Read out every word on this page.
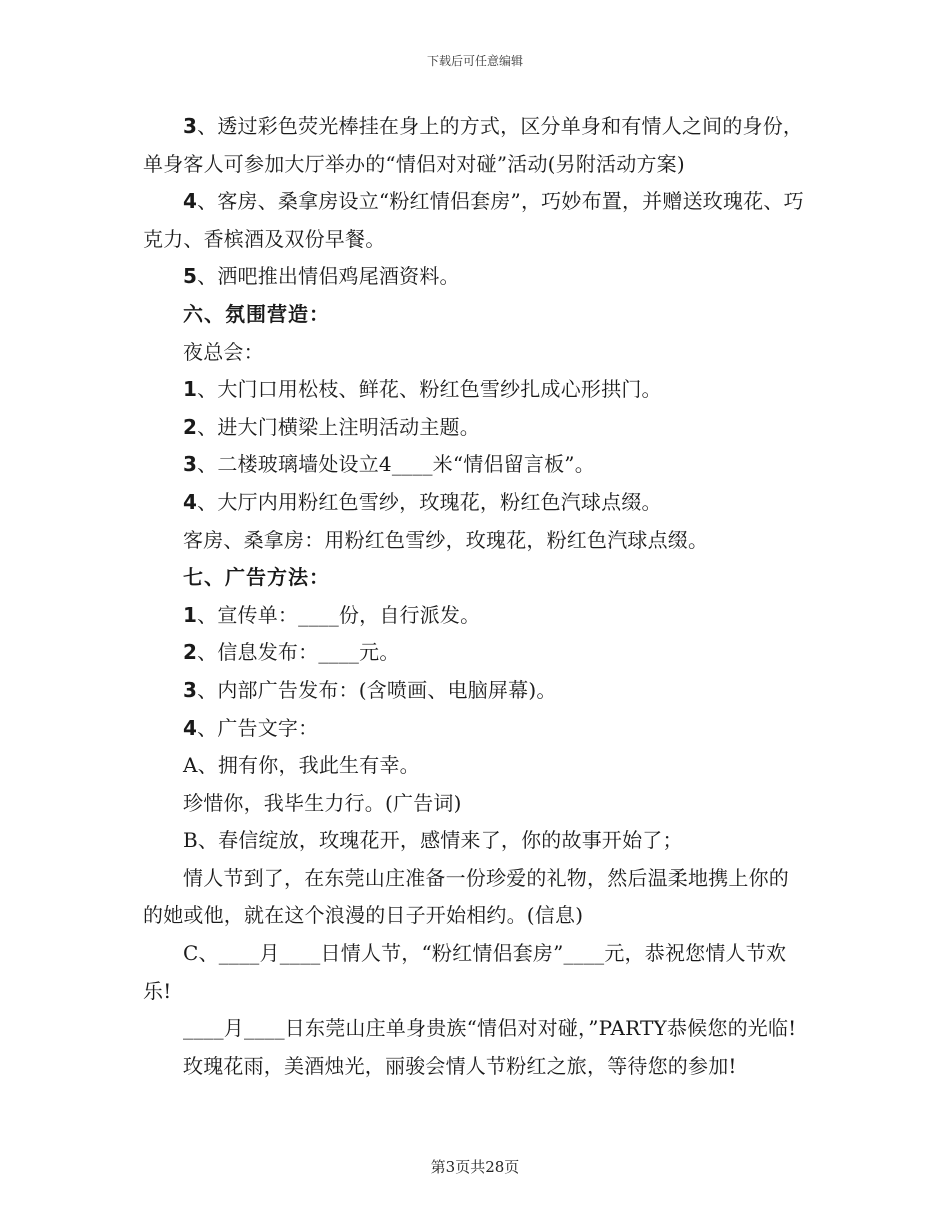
下载后可任意编辑

3、透过彩色荧光棒挂在身上的方式，区分单身和有情人之间的身份，单身客人可参加大厅举办的“情侣对对碰”活动(另附活动方案)

4、客房、桑拿房设立“粉红情侣套房”，巧妙布置，并赠送玫瑰花、巧克力、香槟酒及双份早餐。

5、洒吧推出情侣鸡尾酒资料。

六、氛围营造：

夜总会：

1、大门口用松枝、鲜花、粉红色雪纱扎成心形拱门。

2、进大门横梁上注明活动主题。

3、二楼玻璃墙处设立4____米“情侣留言板”。

4、大厅内用粉红色雪纱，玫瑰花，粉红色汽球点缀。

客房、桑拿房：用粉红色雪纱，玫瑰花，粉红色汽球点缀。

七、广告方法：

1、宣传单：____份，自行派发。

2、信息发布：____元。

3、内部广告发布：(含喷画、电脑屏幕)。

4、广告文字：

A、拥有你，我此生有幸。

珍惜你，我毕生力行。(广告词)

B、春信绽放，玫瑰花开，感情来了，你的故事开始了；

情人节到了，在东莞山庄准备一份珍爱的礼物，然后温柔地携上你的的她或他，就在这个浪漫的日子开始相约。(信息)

C、____月____日情人节，“粉红情侣套房”____元，恭祝您情人节欢乐!

____月____日东莞山庄单身贵族“情侣对对碰，”PARTY恭候您的光临!

玫瑰花雨，美酒烛光，丽骏会情人节粉红之旅，等待您的参加!

第3页共28页
